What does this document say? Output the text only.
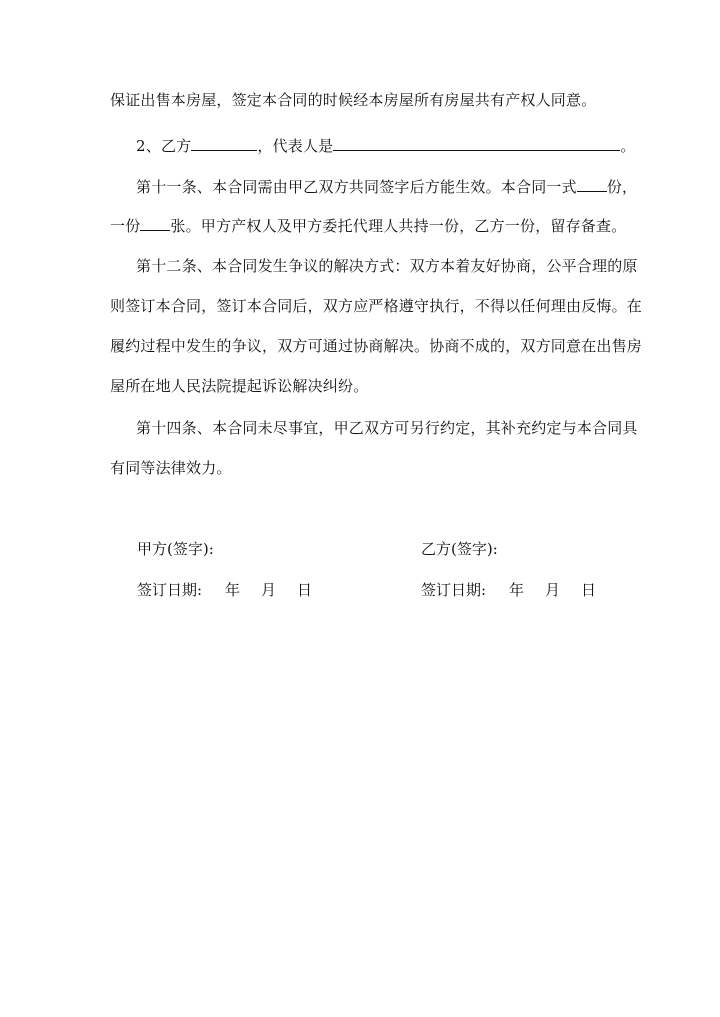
保证出售本房屋，签定本合同的时候经本房屋所有房屋共有产权人同意。
2、乙方	，代表人是	。
第十一条、本合同需由甲乙双方共同签字后方能生效。本合同一式 份，
一份 张。甲方产权人及甲方委托代理人共持一份，乙方一份，留存备查。
第十二条、本合同发生争议的解决方式：双方本着友好协商，公平合理的原
则签订本合同，签订本合同后，双方应严格遵守执行，不得以任何理由反悔。在
履约过程中发生的争议，双方可通过协商解决。协商不成的，双方同意在出售房
屋所在地人民法院提起诉讼解决纠纷。
第十四条、本合同未尽事宜，甲乙双方可另行约定，其补充约定与本合同具
有同等法律效力。
甲方(签字):	乙方(签字):
签订日期: 年 月 日	签订日期: 年 月 日
